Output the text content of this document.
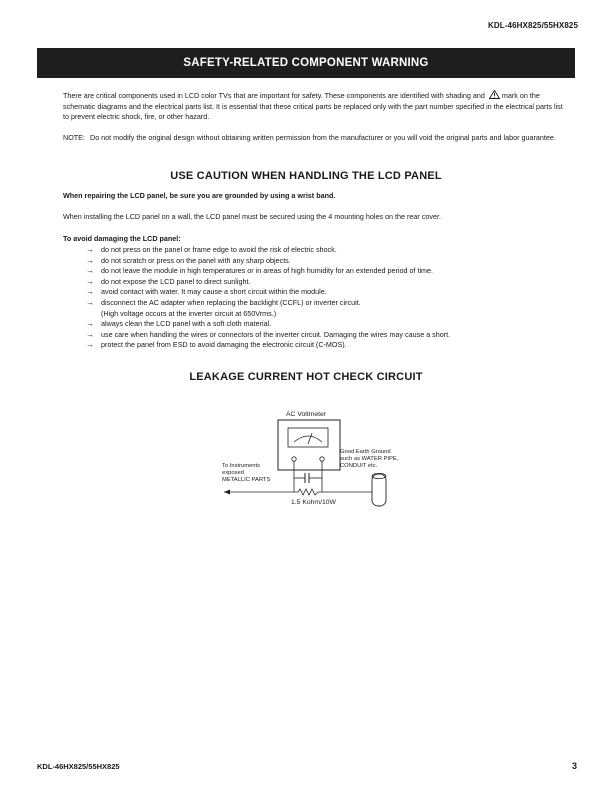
KDL-46HX825/55HX825
SAFETY-RELATED COMPONENT WARNING

There are critical components used in LCD color TVs that are important for safety. These components are identified with shading and mark on the schematic diagrams and the electrical parts list. It is essential that these critical parts be replaced only with the part number specified in the electrical parts list to prevent electric shock, fire, or other hazard.

NOTE: Do not modify the original design without obtaining written permission from the manufacturer or you will void the original parts and labor guarantee.
USE CAUTION WHEN HANDLING THE LCD PANEL

When repairing the LCD panel, be sure you are grounded by using a wrist band.

When installing the LCD panel on a wall, the LCD panel must be secured using the 4 mounting holes on the rear cover.

To avoid damaging the LCD panel:

→ do not press on the panel or frame edge to avoid the risk of electric shock.
→ do not scratch or press on the panel with any sharp objects.
→ do not leave the module in high temperatures or in areas of high humidity for an extended period of time.
→ do not expose the LCD panel to direct sunlight.
→ avoid contact with water. It may cause a short circuit within the module.
→ disconnect the AC adapter when replacing the backlight (CCFL) or inverter circuit.
(High voltage occurs at the inverter circuit at 650Vrms.)
→ always clean the LCD panel with a soft cloth material.
→ use care when handling the wires or connectors of the inverter circuit. Damaging the wires may cause a short.
→ protect the panel from ESD to avoid damaging the electronic circuit (C-MOS).
LEAKAGE CURRENT HOT CHECK CIRCUIT
AC Voltmeter
Good Earth Ground
such as WATER PIPE,
CONDUIT etc.
To Instruments
exposed
METALLIC PARTS
1.5 Kohm/10W
KDL-46HX825/55HX825	3
